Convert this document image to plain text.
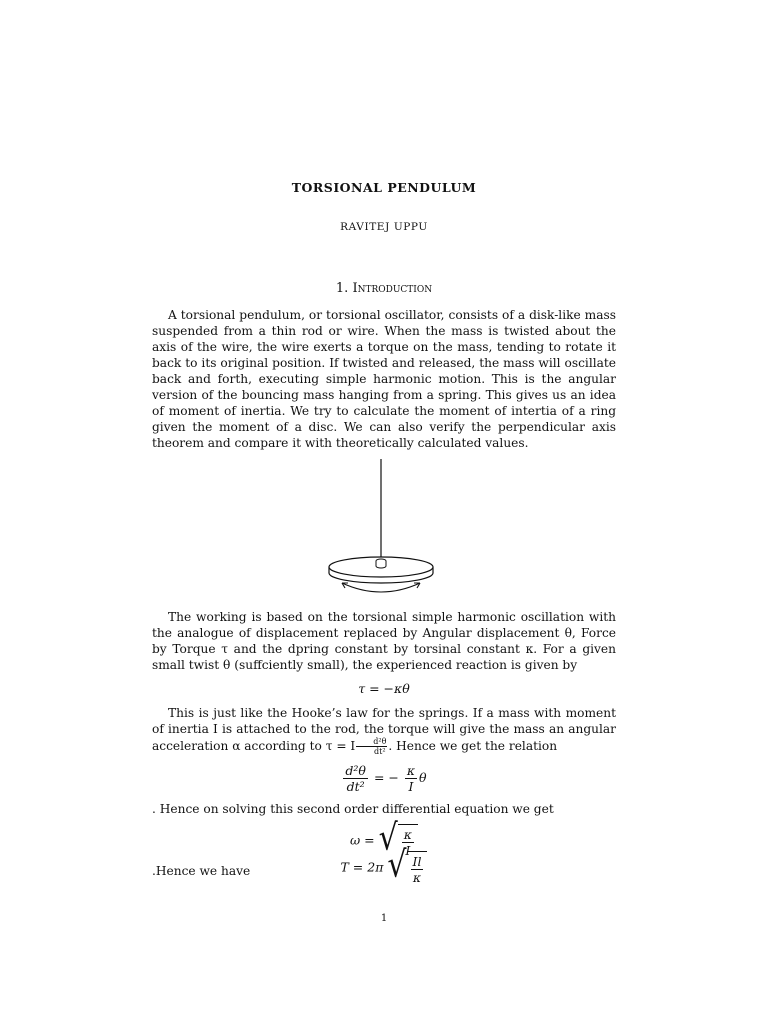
TORSIONAL PENDULUM
RAVITEJ UPPU
1. Introduction
A torsional pendulum, or torsional oscillator, consists of a disk-like mass suspended from a thin rod or wire. When the mass is twisted about the axis of the wire, the wire exerts a torque on the mass, tending to rotate it back to its original position. If twisted and released, the mass will oscillate back and forth, executing simple harmonic motion. This is the angular version of the bouncing mass hanging from a spring. This gives us an idea of moment of inertia. We try to calculate the moment of intertia of a ring given the moment of a disc. We can also verify the perpendicular axis theorem and compare it with theoretically calculated values.
The working is based on the torsional simple harmonic oscillation with the analogue of displacement replaced by Angular displacement θ, Force by Torque τ and the dpring constant by torsinal constant κ. For a given small twist θ (suffciently small), the experienced reaction is given by
τ = −κθ
This is just like the Hooke’s law for the springs. If a mass with moment of inertia I is attached to the rod, the torque will give the mass an angular acceleration α according to τ = I $\frac{\text{d²θ}}{\text{dt²}}$ . Hence we get the relation
$\frac{\text{d²θ}}{\text{dt²}}$ = − $\frac{\kappa}{I}$ θ
. Hence on solving this second order differential equation we get
ω = √ $\frac{\kappa}{I}$
.Hence we have	T = 2π √ $\frac{Il}{\kappa}$
1
